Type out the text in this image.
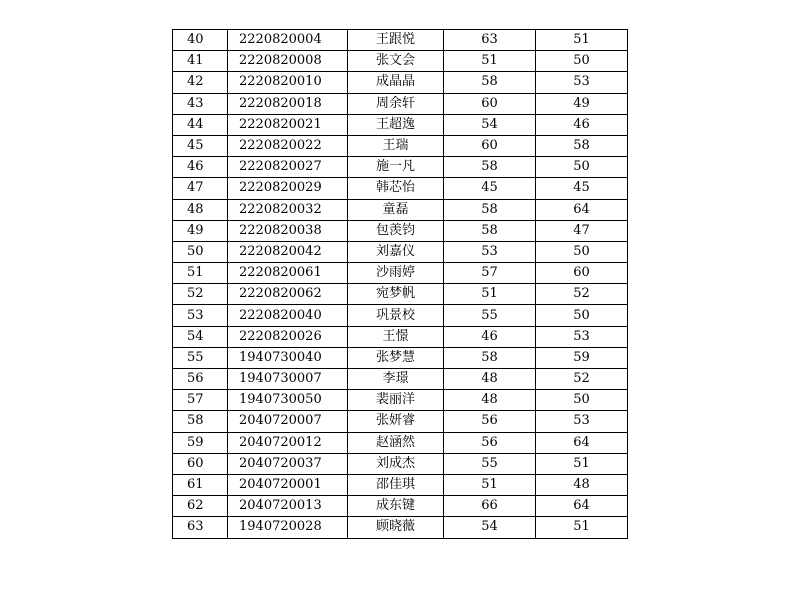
40	2220820004	王跟悦	63	51
41	2220820008	张文会	51	50
42	2220820010	成晶晶	58	53
43	2220820018	周余轩	60	49
44	2220820021	王超逸	54	46
45	2220820022	王瑞	60	58
46	2220820027	施一凡	58	50
47	2220820029	韩芯怡	45	45
48	2220820032	童磊	58	64
49	2220820038	包羡钧	58	47
50	2220820042	刘嘉仪	53	50
51	2220820061	沙雨婷	57	60
52	2220820062	宛梦帆	51	52
53	2220820040	巩景校	55	50
54	2220820026	王憬	46	53
55	1940730040	张梦慧	58	59
56	1940730007	李璟	48	52
57	1940730050	裴丽洋	48	50
58	2040720007	张妍睿	56	53
59	2040720012	赵涵然	56	64
60	2040720037	刘成杰	55	51
61	2040720001	邵佳琪	51	48
62	2040720013	成东键	66	64
63	1940720028	顾晓薇	54	51
